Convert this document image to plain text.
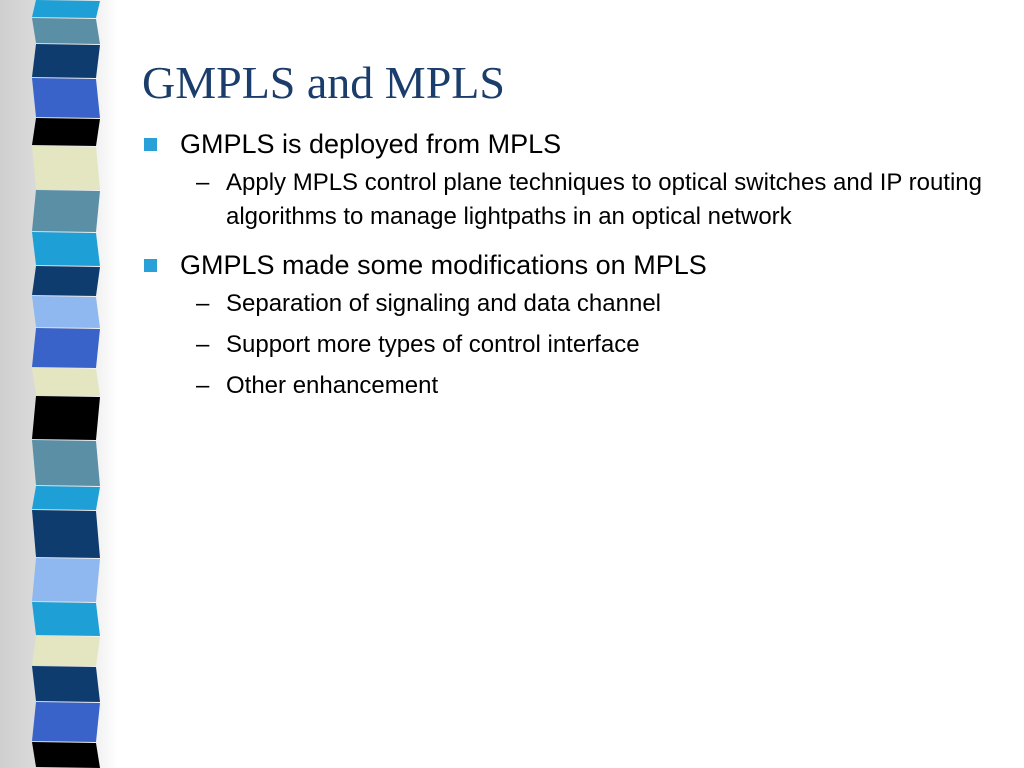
GMPLS and MPLS
GMPLS is deployed from MPLS
– Apply MPLS control plane techniques to optical switches and IP routing algorithms to manage lightpaths in an optical network
GMPLS made some modifications on MPLS
– Separation of signaling and data channel
– Support more types of control interface
– Other enhancement
